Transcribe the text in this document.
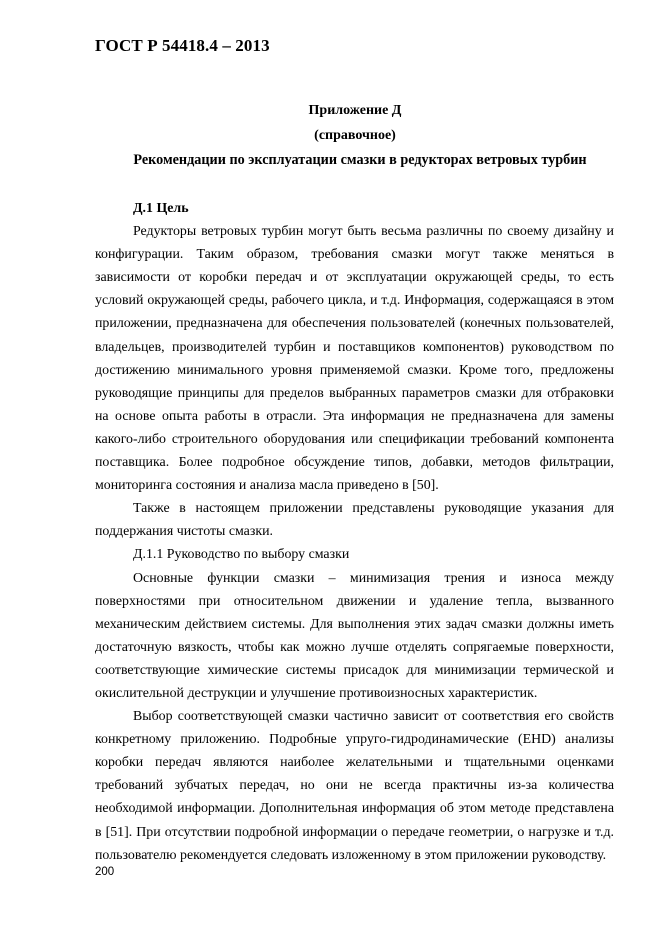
ГОСТ Р 54418.4 – 2013
Приложение Д
(справочное)
Рекомендации по эксплуатации смазки в редукторах ветровых турбин

Д.1 Цель

Редукторы ветровых турбин могут быть весьма различны по своему дизайну и конфигурации. Таким образом, требования смазки могут также меняться в зависимости от коробки передач и от эксплуатации окружающей среды, то есть условий окружающей среды, рабочего цикла, и т.д. Информация, содержащаяся в этом приложении, предназначена для обеспечения пользователей (конечных пользователей, владельцев, производителей турбин и поставщиков компонентов) руководством по достижению минимального уровня применяемой смазки. Кроме того, предложены руководящие принципы для пределов выбранных параметров смазки для отбраковки на основе опыта работы в отрасли. Эта информация не предназначена для замены какого-либо строительного оборудования или спецификации требований компонента поставщика. Более подробное обсуждение типов, добавки, методов фильтрации, мониторинга состояния и анализа масла приведено в [50].

Также в настоящем приложении представлены руководящие указания для поддержания чистоты смазки.

Д.1.1 Руководство по выбору смазки

Основные функции смазки – минимизация трения и износа между поверхностями при относительном движении и удаление тепла, вызванного механическим действием системы. Для выполнения этих задач смазки должны иметь достаточную вязкость, чтобы как можно лучше отделять сопрягаемые поверхности, соответствующие химические системы присадок для минимизации термической и окислительной деструкции и улучшение противоизносных характеристик.

Выбор соответствующей смазки частично зависит от соответствия его свойств конкретному приложению. Подробные упруго-гидродинамические (EHD) анализы коробки передач являются наиболее желательными и тщательными оценками требований зубчатых передач, но они не всегда практичны из-за количества необходимой информации. Дополнительная информация об этом методе представлена в [51]. При отсутствии подробной информации о передаче геометрии, о нагрузке и т.д. пользователю рекомендуется следовать изложенному в этом приложении руководству.

200
